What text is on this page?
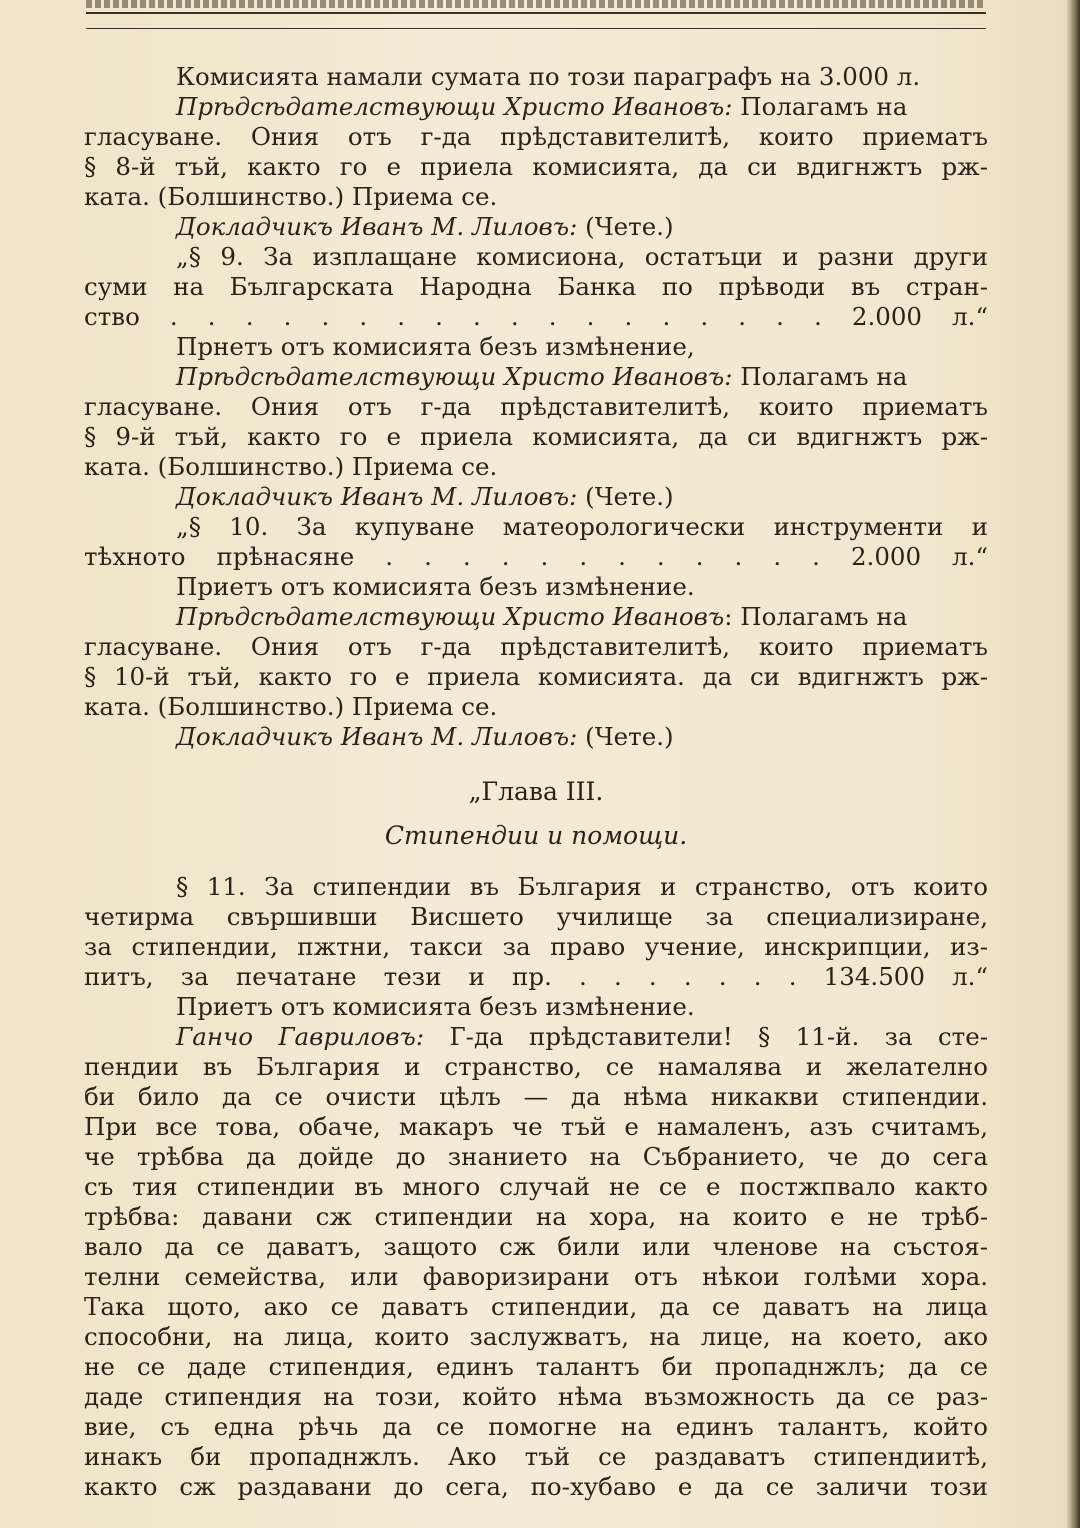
Комисията намали сумата по този параграфъ на 3.000 л.
Прѣдсѣдателствующи Христо Ивановъ: Полагамъ на
гласуване. Ония отъ г-да прѣдставителитѣ, които приематъ
§ 8-й тъй, както го е приела комисията, да си вдигнжтъ рж-
ката. (Болшинство.) Приема се.
Докладчикъ Иванъ М. Лиловъ: (Чете.)
„§ 9. За изплащане комисиона, остатъци и разни други
суми на Българската Народна Банка по прѣводи въ стран-
ство . . . . . . . . . . . . . . . . . . 2.000 л.“
Прнетъ отъ комисията безъ измѣнение,
Прѣдсѣдателствующи Христо Ивановъ: Полагамъ на
гласуване. Ония отъ г-да прѣдставителитѣ, които приематъ
§ 9-й тъй, както го е приела комисията, да си вдигнжтъ рж-
ката. (Болшинство.) Приема се.
Докладчикъ Иванъ М. Лиловъ: (Чете.)
„§ 10. За купуване матеорологически инструменти и
тѣхното прѣнасяне . . . . . . . . . . . . 2.000 л.“
Приетъ отъ комисията безъ измѣнение.
Прѣдсѣдателствующи Христо Ивановъ: Полагамъ на
гласуване. Ония отъ г-да прѣдставителитѣ, които приематъ
§ 10-й тъй, както го е приела комисията. да си вдигнжтъ рж-
ката. (Болшинство.) Приема се.
Докладчикъ Иванъ М. Лиловъ: (Чете.)
„Глава III.
Стипендии и помощи.
§ 11. За стипендии въ България и странство, отъ които
четирма свършивши Висшето училище за специализиране,
за стипендии, пжтни, такси за право учение, инскрипции, из-
питъ, за печатане тези и пр. . . . . . . . 134.500 л.“
Приетъ отъ комисията безъ измѣнение.
Ганчо Гавриловъ: Г-да прѣдставители! § 11-й. за сте-
пендии въ България и странство, се намалява и желателно
би било да се очисти цѣлъ — да нѣма никакви стипендии.
При все това, обаче, макаръ че тъй е намаленъ, азъ считамъ,
че трѣбва да дойде до знанието на Събранието, че до сега
съ тия стипендии въ много случай не се е постжпвало както
трѣбва: давани сж стипендии на хора, на които е не трѣб-
вало да се даватъ, защото сж били или членове на състоя-
телни семейства, или фаворизирани отъ нѣкои голѣми хора.
Така щото, ако се даватъ стипендии, да се даватъ на лица
способни, на лица, които заслужватъ, на лице, на което, ако
не се даде стипендия, единъ талантъ би пропаднжлъ; да се
даде стипендия на този, който нѣма възможность да се раз-
вие, съ една рѣчь да се помогне на единъ талантъ, който
инакъ би пропаднжлъ. Ако тъй се раздаватъ стипендиитѣ,
както сж раздавани до сега, по-хубаво е да се заличи този
